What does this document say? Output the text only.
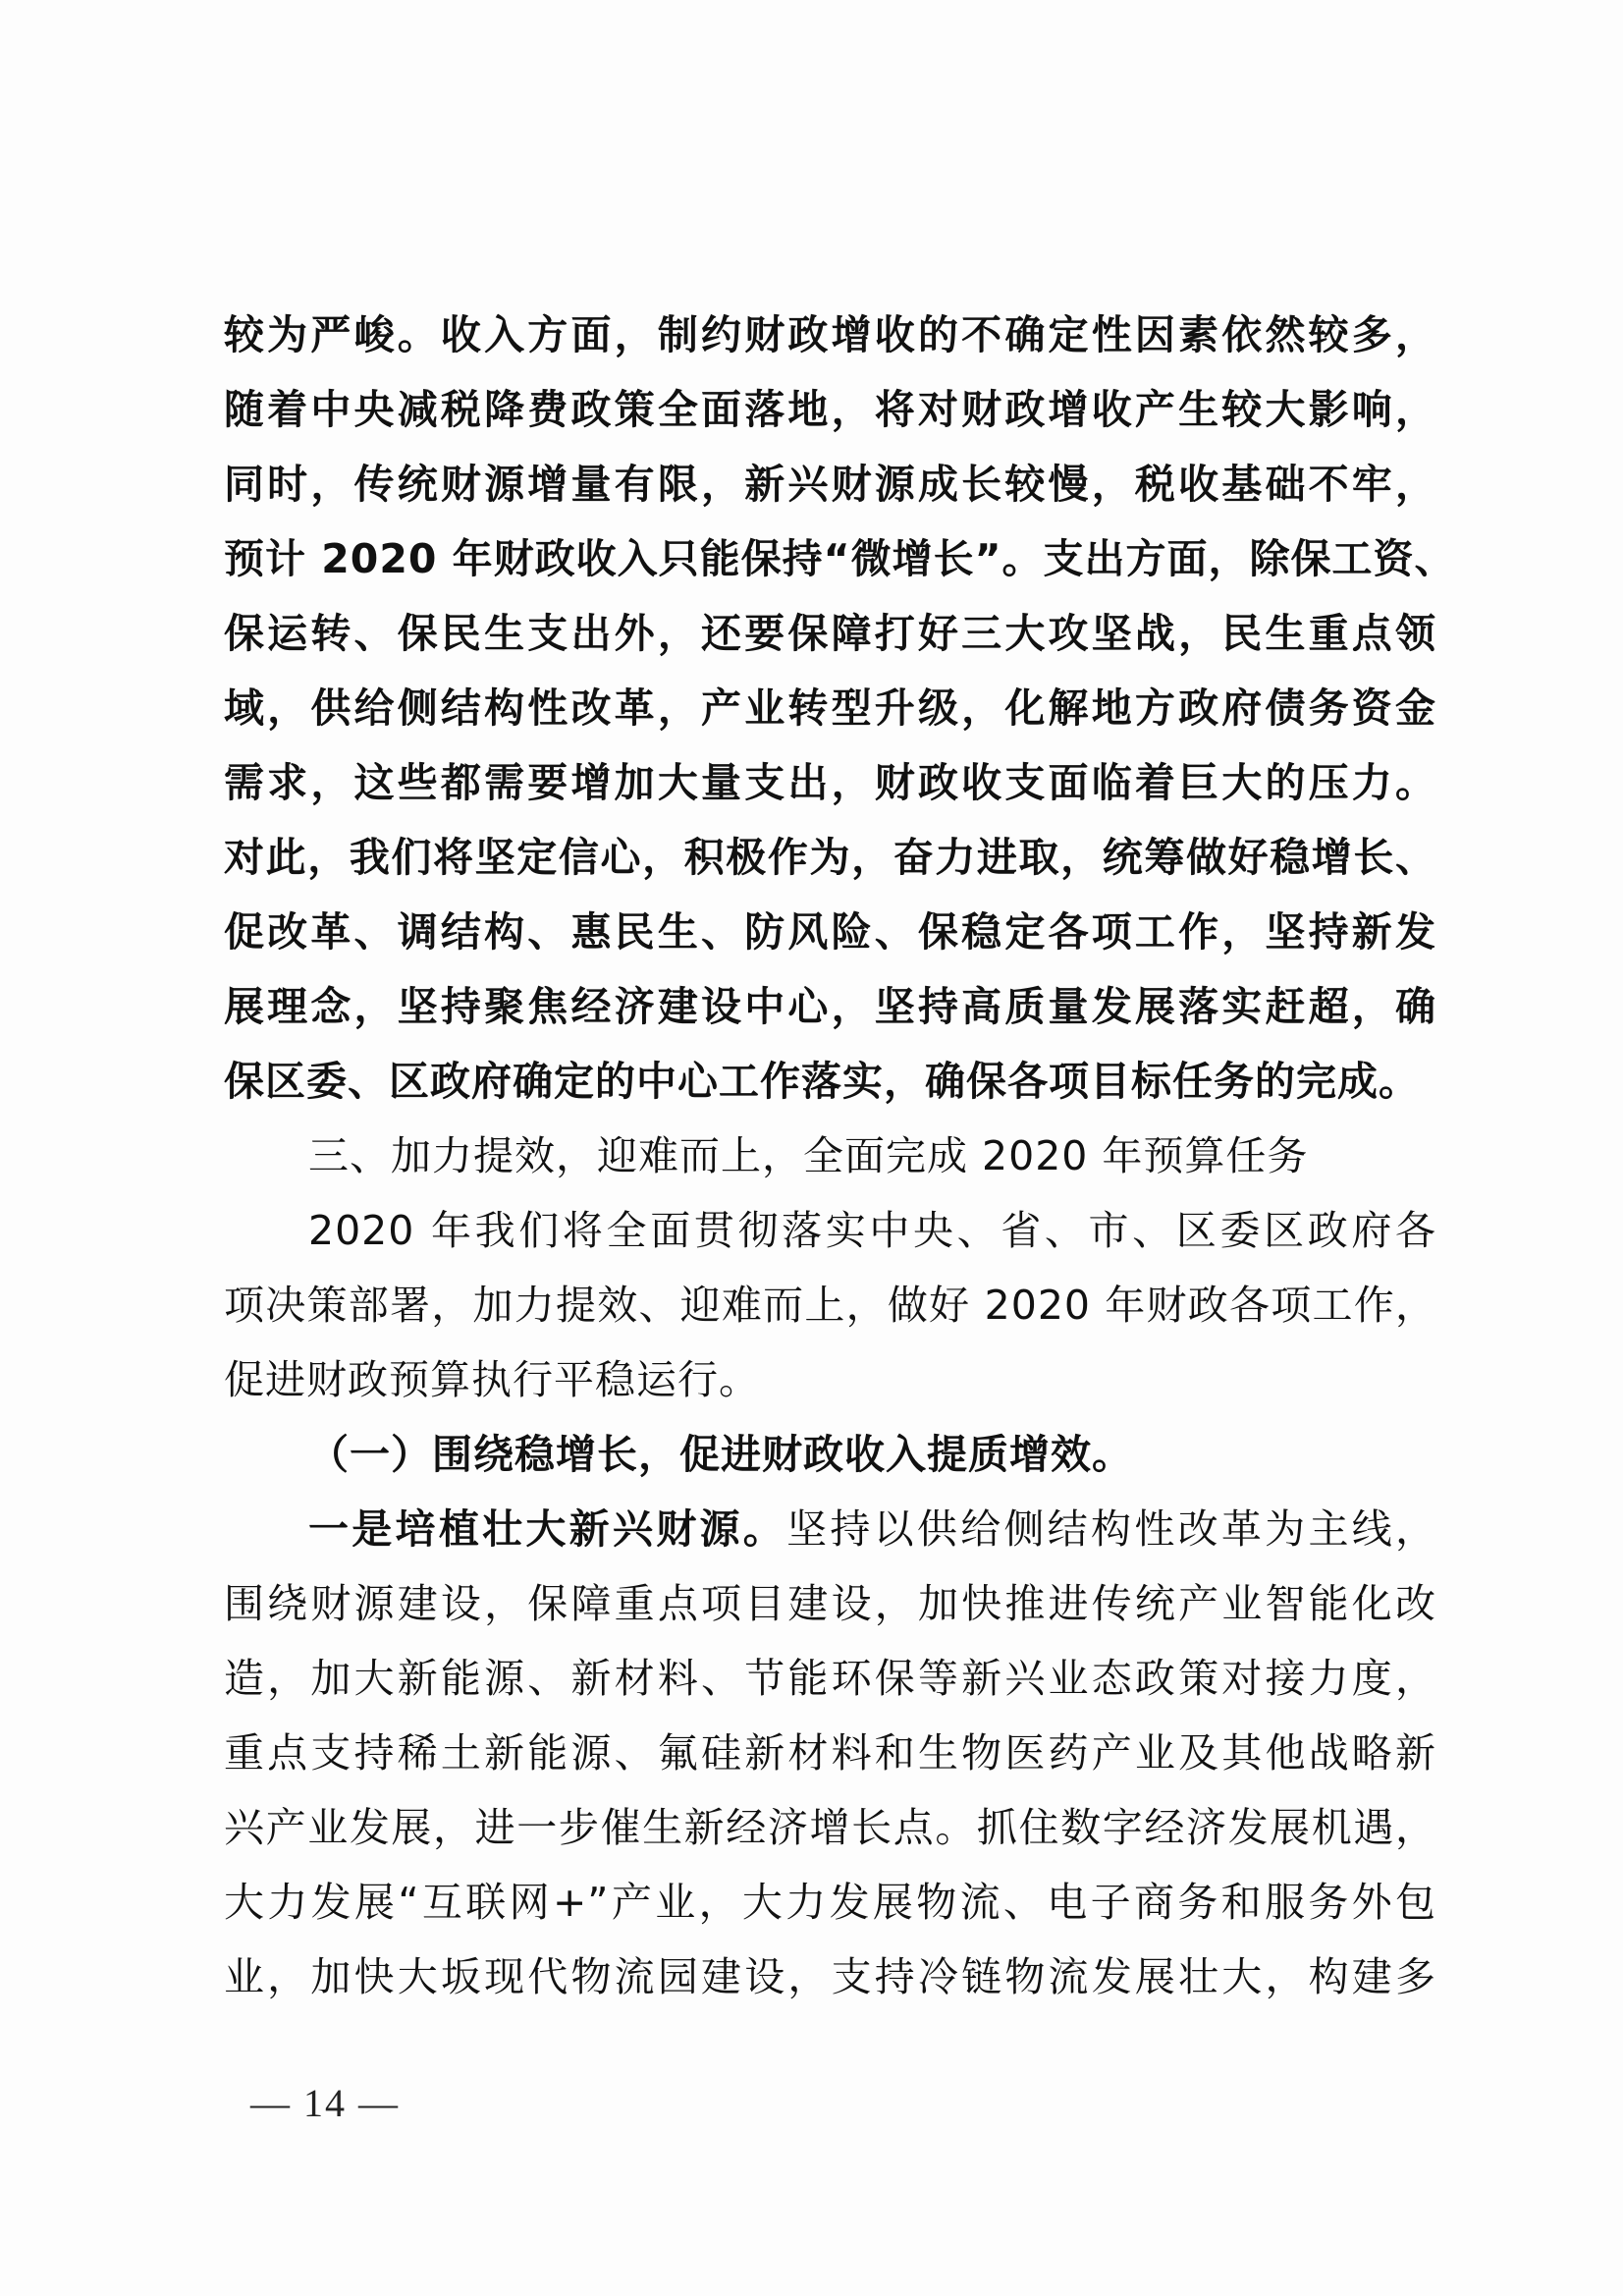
较为严峻。收入方面，制约财政增收的不确定性因素依然较多，
随着中央减税降费政策全面落地，将对财政增收产生较大影响，
同时，传统财源增量有限，新兴财源成长较慢，税收基础不牢，
预计 2020 年财政收入只能保持“微增长”。支出方面，除保工资、
保运转、保民生支出外，还要保障打好三大攻坚战，民生重点领
域，供给侧结构性改革，产业转型升级，化解地方政府债务资金
需求，这些都需要增加大量支出，财政收支面临着巨大的压力。
对此，我们将坚定信心，积极作为，奋力进取，统筹做好稳增长、
促改革、调结构、惠民生、防风险、保稳定各项工作，坚持新发
展理念，坚持聚焦经济建设中心，坚持高质量发展落实赶超，确
保区委、区政府确定的中心工作落实，确保各项目标任务的完成。
三、加力提效，迎难而上，全面完成 2020 年预算任务
2020 年我们将全面贯彻落实中央、省、市、区委区政府各
项决策部署，加力提效、迎难而上，做好 2020 年财政各项工作，
促进财政预算执行平稳运行。
（一）围绕稳增长，促进财政收入提质增效。
一是培植壮大新兴财源。坚持以供给侧结构性改革为主线，
围绕财源建设，保障重点项目建设，加快推进传统产业智能化改
造，加大新能源、新材料、节能环保等新兴业态政策对接力度，
重点支持稀土新能源、氟硅新材料和生物医药产业及其他战略新
兴产业发展，进一步催生新经济增长点。抓住数字经济发展机遇，
大力发展“互联网+”产业，大力发展物流、电子商务和服务外包
业，加快大坂现代物流园建设，支持冷链物流发展壮大，构建多
— 14 —
